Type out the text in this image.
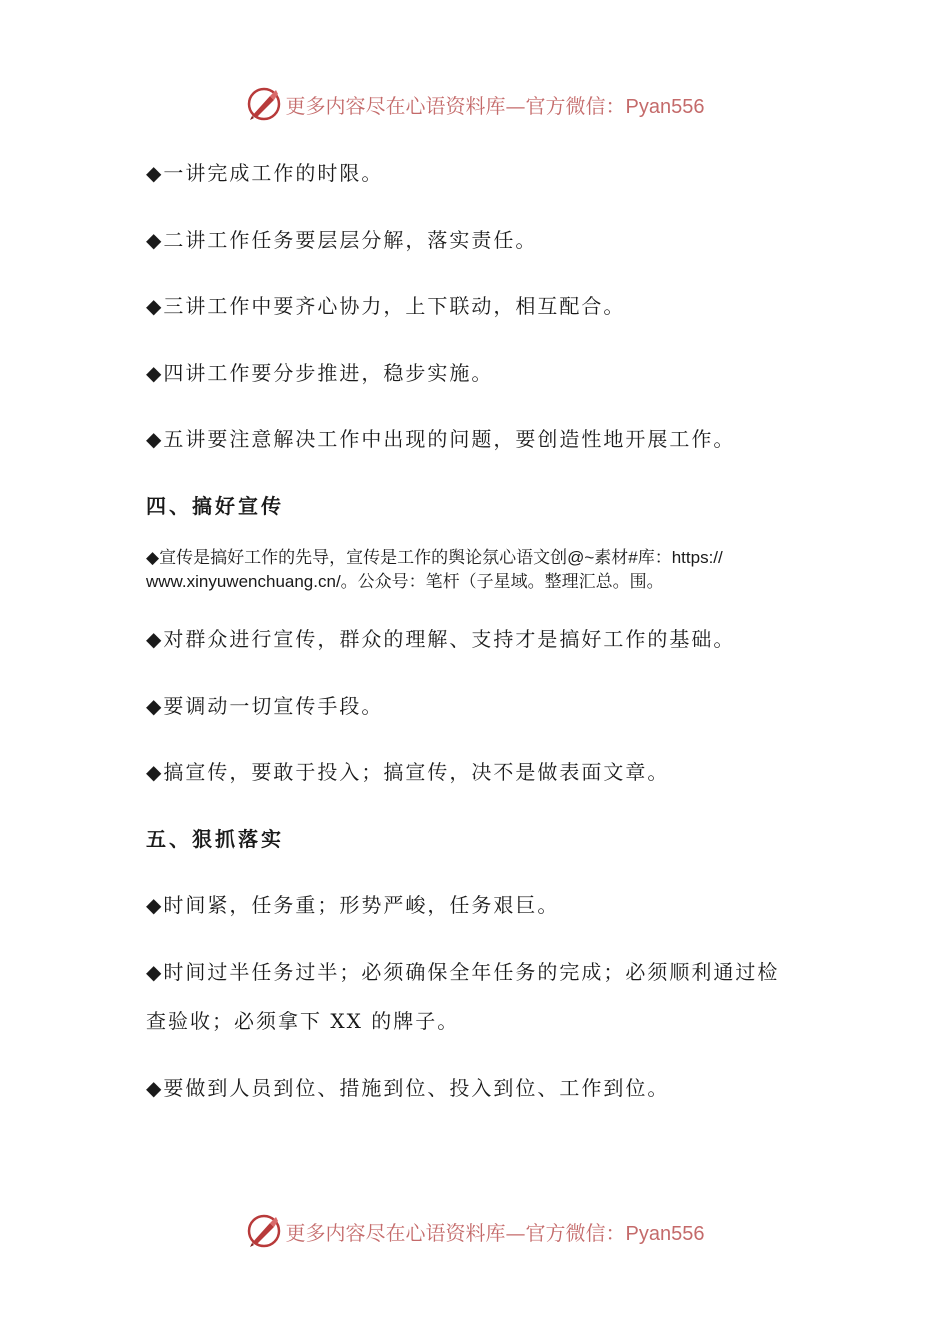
更多内容尽在心语资料库—官方微信：Pyan556
◆一讲完成工作的时限。
◆二讲工作任务要层层分解，落实责任。
◆三讲工作中要齐心协力，上下联动，相互配合。
◆四讲工作要分步推进，稳步实施。
◆五讲要注意解决工作中出现的问题，要创造性地开展工作。
四、搞好宣传
◆宣传是搞好工作的先导，宣传是工作的舆论氛心语文创@~素材#库：https://
www.xinyuwenchuang.cn/。公众号：笔杆（子星域。整理汇总。围。
◆对群众进行宣传，群众的理解、支持才是搞好工作的基础。
◆要调动一切宣传手段。
◆搞宣传，要敢于投入；搞宣传，决不是做表面文章。
五、狠抓落实
◆时间紧，任务重；形势严峻，任务艰巨。
◆时间过半任务过半；必须确保全年任务的完成；必须顺利通过检
查验收；必须拿下 XX 的牌子。
◆要做到人员到位、措施到位、投入到位、工作到位。
更多内容尽在心语资料库—官方微信：Pyan556
